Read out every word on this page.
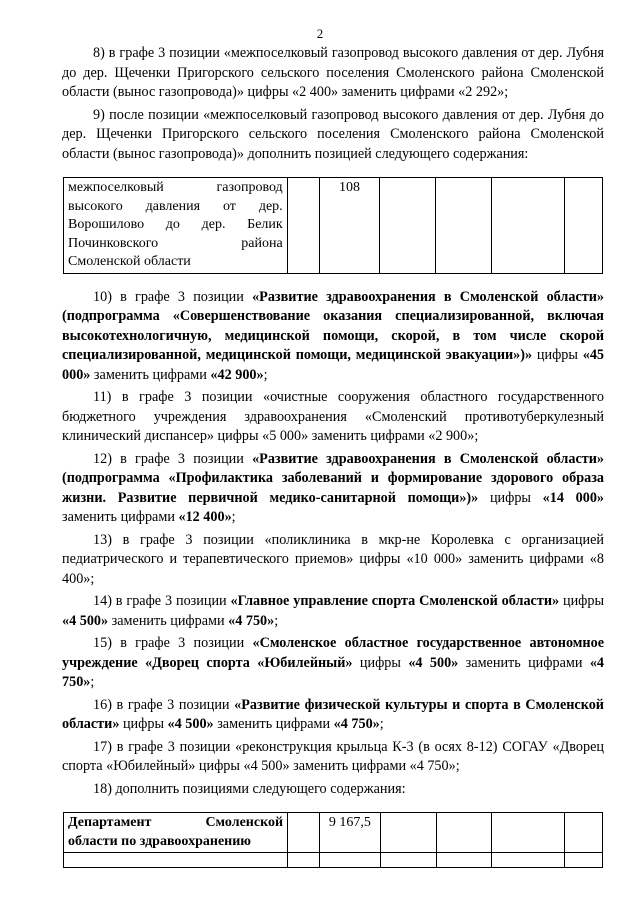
2

8) в графе 3 позиции «межпоселковый газопровод высокого давления от дер. Лубня до дер. Щеченки Пригорского сельского поселения Смоленского района Смоленской области (вынос газопровода)» цифры «2 400» заменить цифрами «2 292»;

9) после позиции «межпоселковый газопровод высокого давления от дер. Лубня до дер. Щеченки Пригорского сельского поселения Смоленского района Смоленской области (вынос газопровода)» дополнить позицией следующего содержания:

межпоселковый газопровод
высокого давления от дер.
Ворошилово до дер. Белик
Починковского района
Смоленской области
		108				

10) в графе 3 позиции «Развитие здравоохранения в Смоленской области» (подпрограмма «Совершенствование оказания специализированной, включая высокотехнологичную, медицинской помощи, скорой, в том числе скорой специализированной, медицинской помощи, медицинской эвакуации»)» цифры «45 000» заменить цифрами «42 900»;

11) в графе 3 позиции «очистные сооружения областного государственного бюджетного учреждения здравоохранения «Смоленский противотуберкулезный клинический диспансер» цифры «5 000» заменить цифрами «2 900»;

12) в графе 3 позиции «Развитие здравоохранения в Смоленской области» (подпрограмма «Профилактика заболеваний и формирование здорового образа жизни. Развитие первичной медико-санитарной помощи»)» цифры «14 000» заменить цифрами «12 400»;

13) в графе 3 позиции «поликлиника в мкр-не Королевка с организацией педиатрического и терапевтического приемов» цифры «10 000» заменить цифрами «8 400»;

14) в графе 3 позиции «Главное управление спорта Смоленской области» цифры «4 500» заменить цифрами «4 750»;

15) в графе 3 позиции «Смоленское областное государственное автономное учреждение «Дворец спорта «Юбилейный» цифры «4 500» заменить цифрами «4 750»;

16) в графе 3 позиции «Развитие физической культуры и спорта в Смоленской области» цифры «4 500» заменить цифрами «4 750»;

17) в графе 3 позиции «реконструкция крыльца К-3 (в осях 8-12) СОГАУ «Дворец спорта «Юбилейный» цифры «4 500» заменить цифрами «4 750»;

18) дополнить позициями следующего содержания:

Департамент Смоленской
области по здравоохранению		9 167,5				
